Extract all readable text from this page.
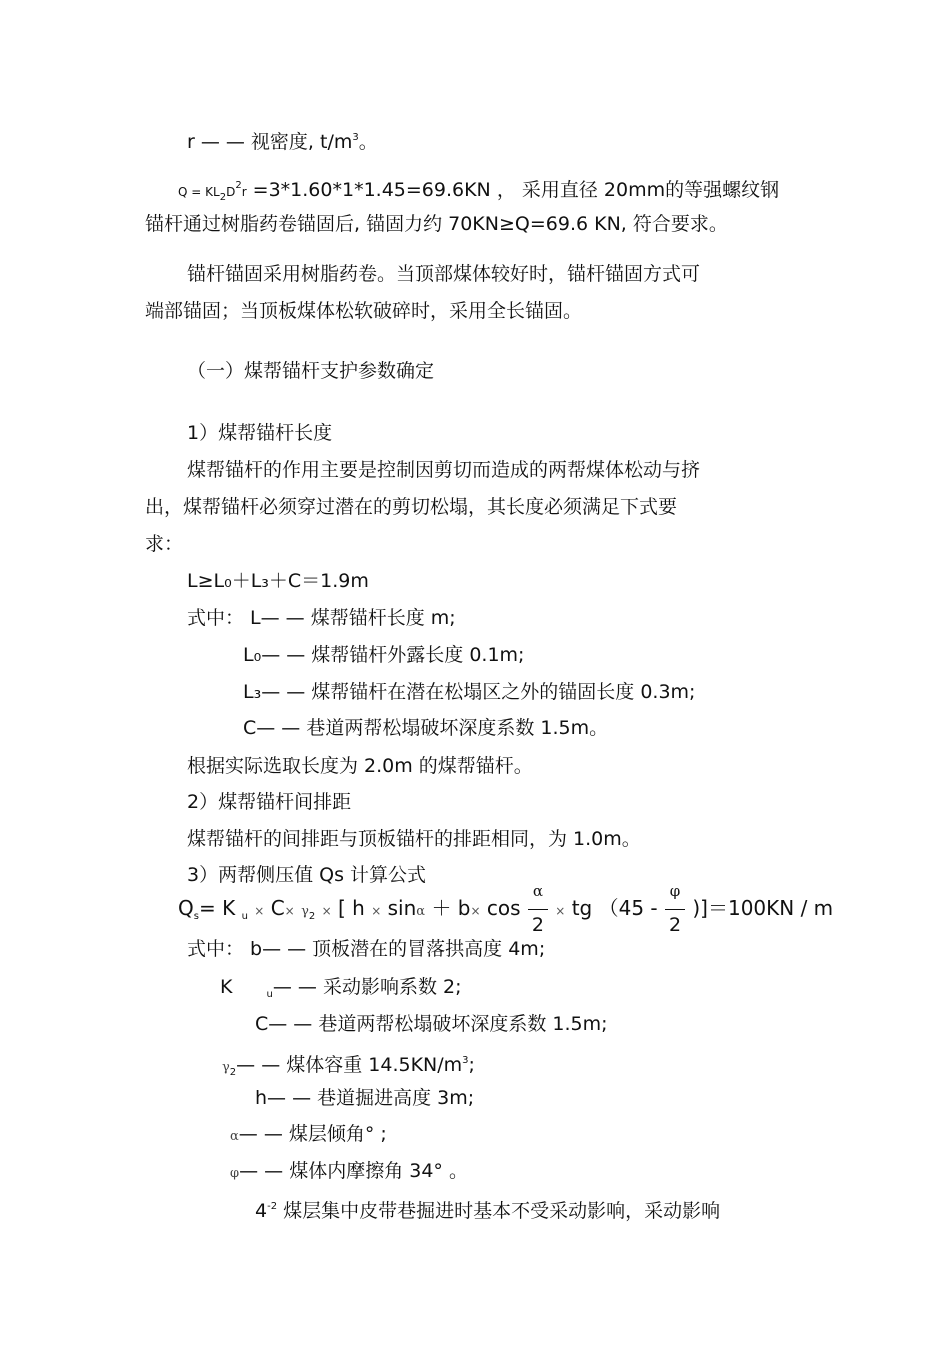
r — — 视密度, $t/m^3$。
$Q = KL_2D^2r =3*1.60*1*1.45=69.6KN$ ， 采用直径 20mm的等强螺纹钢
锚杆通过树脂药卷锚固后, 锚固力约 70KN≥Q=69.6 KN, 符合要求。
锚杆锚固采用树脂药卷。当顶部煤体较好时，锚杆锚固方式可
端部锚固；当顶板煤体松软破碎时，采用全长锚固。
（一）煤帮锚杆支护参数确定
1）煤帮锚杆长度
煤帮锚杆的作用主要是控制因剪切而造成的两帮煤体松动与挤
出，煤帮锚杆必须穿过潜在的剪切松塌，其长度必须满足下式要
求：
L≥L₀＋L₃＋C＝1.9m
式中： L— — 煤帮锚杆长度 m;
L₀— — 煤帮锚杆外露长度 0.1m;
L₃— — 煤帮锚杆在潜在松塌区之外的锚固长度 0.3m;
C— — 巷道两帮松塌破坏深度系数 1.5m。
根据实际选取长度为 2.0m 的煤帮锚杆。
2）煤帮锚杆间排距
煤帮锚杆的间排距与顶板锚杆的排距相同，为 1.0m。
3）两帮侧压值 Qs 计算公式
$Q_s= K$ $_u \times C\times \gamma_2$ × [ $h \times \sin\alpha + b\times \cos \frac{\alpha}{2}$ × tg $(45 - \frac{\varphi}{2} )]=100KN / m$
式中： b— — 顶板潜在的冒落拱高度 4m;
K	$_u$— — 采动影响系数 2;
C— — 巷道两帮松塌破坏深度系数 1.5m;
$\gamma_2—$ — 煤体容重 $14.5KN/m^3$;
h— — 巷道掘进高度 3m;
α— — 煤层倾角° ;
φ— — 煤体内摩擦角 34° 。
$4^{-2}$ 煤层集中皮带巷掘进时基本不受采动影响，采动影响
